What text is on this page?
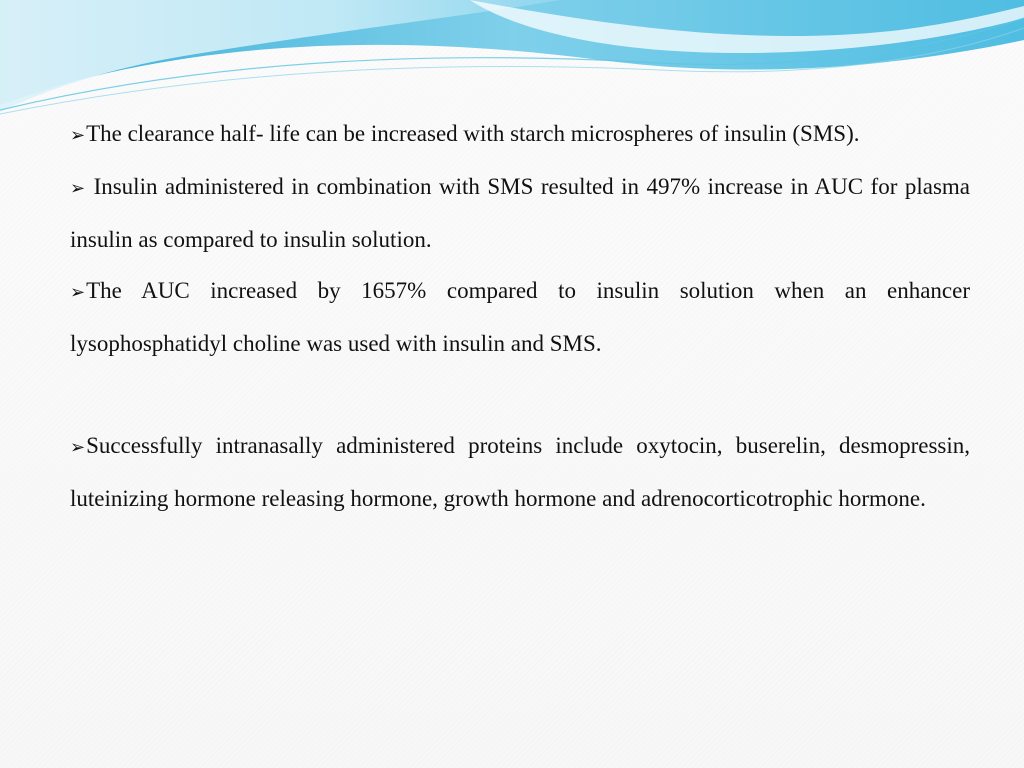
➢The clearance half- life can be increased with starch microspheres of insulin (SMS).

➢ Insulin administered in combination with SMS resulted in 497% increase in AUC for plasma insulin as compared to insulin solution.

➢The AUC increased by 1657% compared to insulin solution when an enhancer lysophosphatidyl choline was used with insulin and SMS.

➢Successfully intranasally administered proteins include oxytocin, buserelin, desmopressin, luteinizing hormone releasing hormone, growth hormone and adrenocorticotrophic hormone.
